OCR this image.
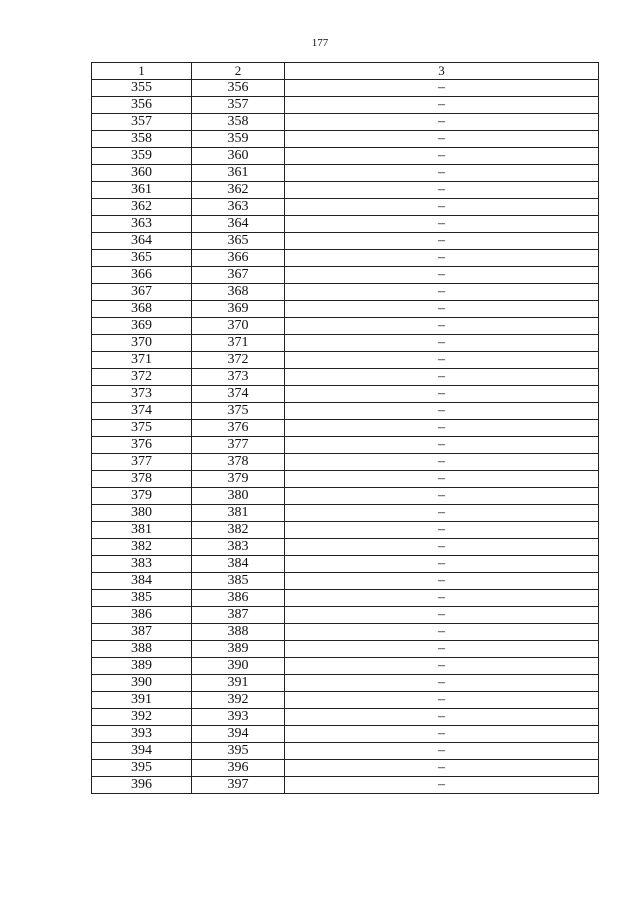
177
1	2	3
355	356	–
356	357	–
357	358	–
358	359	–
359	360	–
360	361	–
361	362	–
362	363	–
363	364	–
364	365	–
365	366	–
366	367	–
367	368	–
368	369	–
369	370	–
370	371	–
371	372	–
372	373	–
373	374	–
374	375	–
375	376	–
376	377	–
377	378	–
378	379	–
379	380	–
380	381	–
381	382	–
382	383	–
383	384	–
384	385	–
385	386	–
386	387	–
387	388	–
388	389	–
389	390	–
390	391	–
391	392	–
392	393	–
393	394	–
394	395	–
395	396	–
396	397	–
